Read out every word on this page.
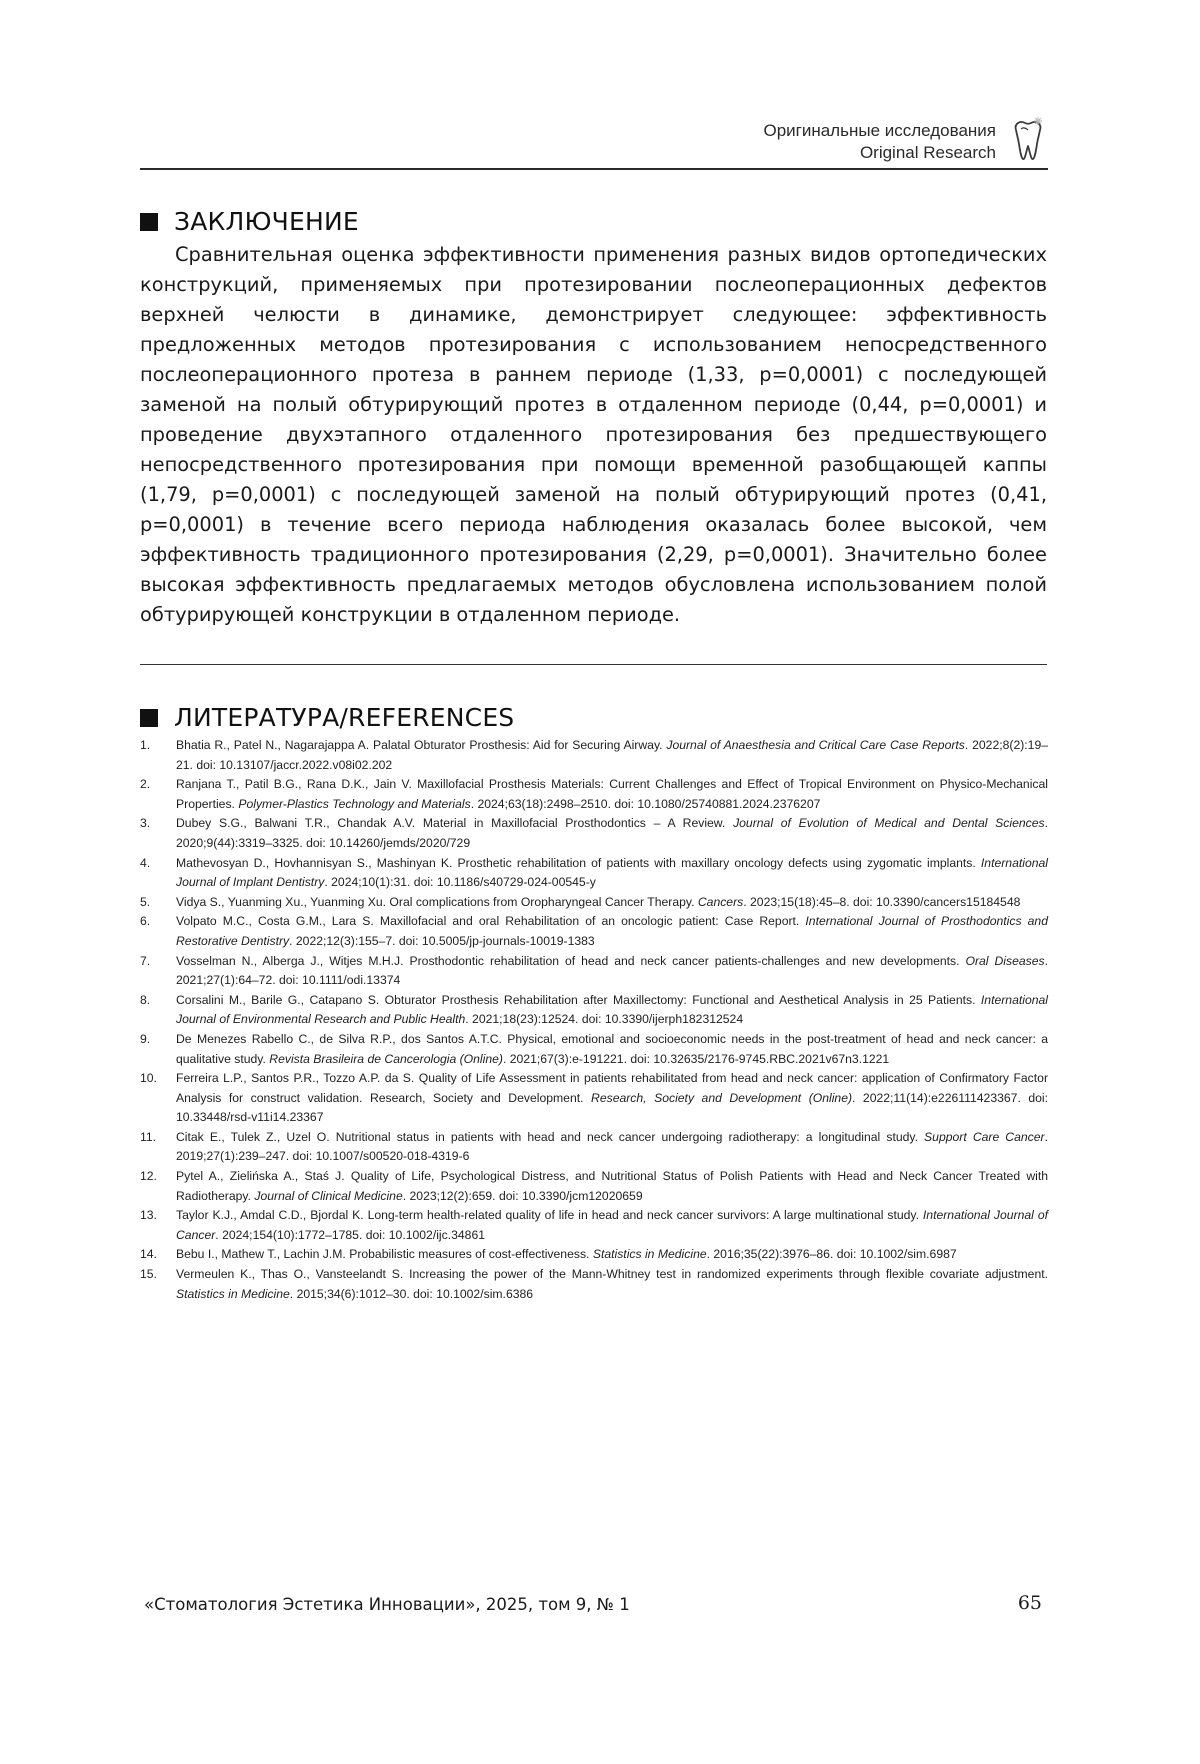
Оригинальные исследования
Original Research
ЗАКЛЮЧЕНИЕ

Сравнительная оценка эффективности применения разных видов ортопедических конструкций, применяемых при протезировании послеоперационных дефектов верхней челюсти в динамике, демонстрирует следующее: эффективность предложенных методов протезирования с использованием непосредственного послеоперационного протеза в раннем периоде (1,33, p=0,0001) с последующей заменой на полый обтурирующий протез в отдаленном периоде (0,44, p=0,0001) и проведение двухэтапного отдаленного протезирования без предшествующего непосредственного протезирования при помощи временной разобщающей каппы (1,79, p=0,0001) с последующей заменой на полый обтурирующий протез (0,41, p=0,0001) в течение всего периода наблюдения оказалась более высокой, чем эффективность традиционного протезирования (2,29, p=0,0001). Значительно более высокая эффективность предлагаемых методов обусловлена использованием полой обтурирующей конструкции в отдаленном периоде.

ЛИТЕРАТУРА/REFERENCES
1. Bhatia R., Patel N., Nagarajappa A. Palatal Obturator Prosthesis: Aid for Securing Airway. Journal of Anaesthesia and Critical Care Case Reports. 2022;8(2):19–21. doi: 10.13107/jaccr.2022.v08i02.202
2. Ranjana T., Patil B.G., Rana D.K., Jain V. Maxillofacial Prosthesis Materials: Current Challenges and Effect of Tropical Environment on Physico-Mechanical Properties. Polymer-Plastics Technology and Materials. 2024;63(18):2498–2510. doi: 10.1080/25740881.2024.2376207
3. Dubey S.G., Balwani T.R., Chandak A.V. Material in Maxillofacial Prosthodontics – A Review. Journal of Evolution of Medical and Dental Sciences. 2020;9(44):3319–3325. doi: 10.14260/jemds/2020/729
4. Mathevosyan D., Hovhannisyan S., Mashinyan K. Prosthetic rehabilitation of patients with maxillary oncology defects using zygomatic implants. International Journal of Implant Dentistry. 2024;10(1):31. doi: 10.1186/s40729-024-00545-y
5. Vidya S., Yuanming Xu., Yuanming Xu. Oral complications from Oropharyngeal Cancer Therapy. Cancers. 2023;15(18):45–8. doi: 10.3390/cancers15184548
6. Volpato M.C., Costa G.M., Lara S. Maxillofacial and oral Rehabilitation of an oncologic patient: Case Report. International Journal of Prosthodontics and Restorative Dentistry. 2022;12(3):155–7. doi: 10.5005/jp-journals-10019-1383
7. Vosselman N., Alberga J., Witjes M.H.J. Prosthodontic rehabilitation of head and neck cancer patients-challenges and new developments. Oral Diseases. 2021;27(1):64–72. doi: 10.1111/odi.13374
8. Corsalini M., Barile G., Catapano S. Obturator Prosthesis Rehabilitation after Maxillectomy: Functional and Aesthetical Analysis in 25 Patients. International Journal of Environmental Research and Public Health. 2021;18(23):12524. doi: 10.3390/ijerph182312524
9. De Menezes Rabello C., de Silva R.P., dos Santos A.T.C. Physical, emotional and socioeconomic needs in the post-treatment of head and neck cancer: a qualitative study. Revista Brasileira de Cancerologia (Online). 2021;67(3):e-191221. doi: 10.32635/2176-9745.RBC.2021v67n3.1221
10. Ferreira L.P., Santos P.R., Tozzo A.P. da S. Quality of Life Assessment in patients rehabilitated from head and neck cancer: application of Confirmatory Factor Analysis for construct validation. Research, Society and Development. Research, Society and Development (Online). 2022;11(14):e226111423367. doi: 10.33448/rsd-v11i14.23367
11. Citak E., Tulek Z., Uzel O. Nutritional status in patients with head and neck cancer undergoing radiotherapy: a longitudinal study. Support Care Cancer. 2019;27(1):239–247. doi: 10.1007/s00520-018-4319-6
12. Pytel A., Zielińska A., Staś J. Quality of Life, Psychological Distress, and Nutritional Status of Polish Patients with Head and Neck Cancer Treated with Radiotherapy. Journal of Clinical Medicine. 2023;12(2):659. doi: 10.3390/jcm12020659
13. Taylor K.J., Amdal C.D., Bjordal K. Long-term health-related quality of life in head and neck cancer survivors: A large multinational study. International Journal of Cancer. 2024;154(10):1772–1785. doi: 10.1002/ijc.34861
14. Bebu I., Mathew T., Lachin J.M. Probabilistic measures of cost-effectiveness. Statistics in Medicine. 2016;35(22):3976–86. doi: 10.1002/sim.6987
15. Vermeulen K., Thas O., Vansteelandt S. Increasing the power of the Mann-Whitney test in randomized experiments through flexible covariate adjustment. Statistics in Medicine. 2015;34(6):1012–30. doi: 10.1002/sim.6386
«Стоматология Эстетика Инновации», 2025, том 9, № 1	65
